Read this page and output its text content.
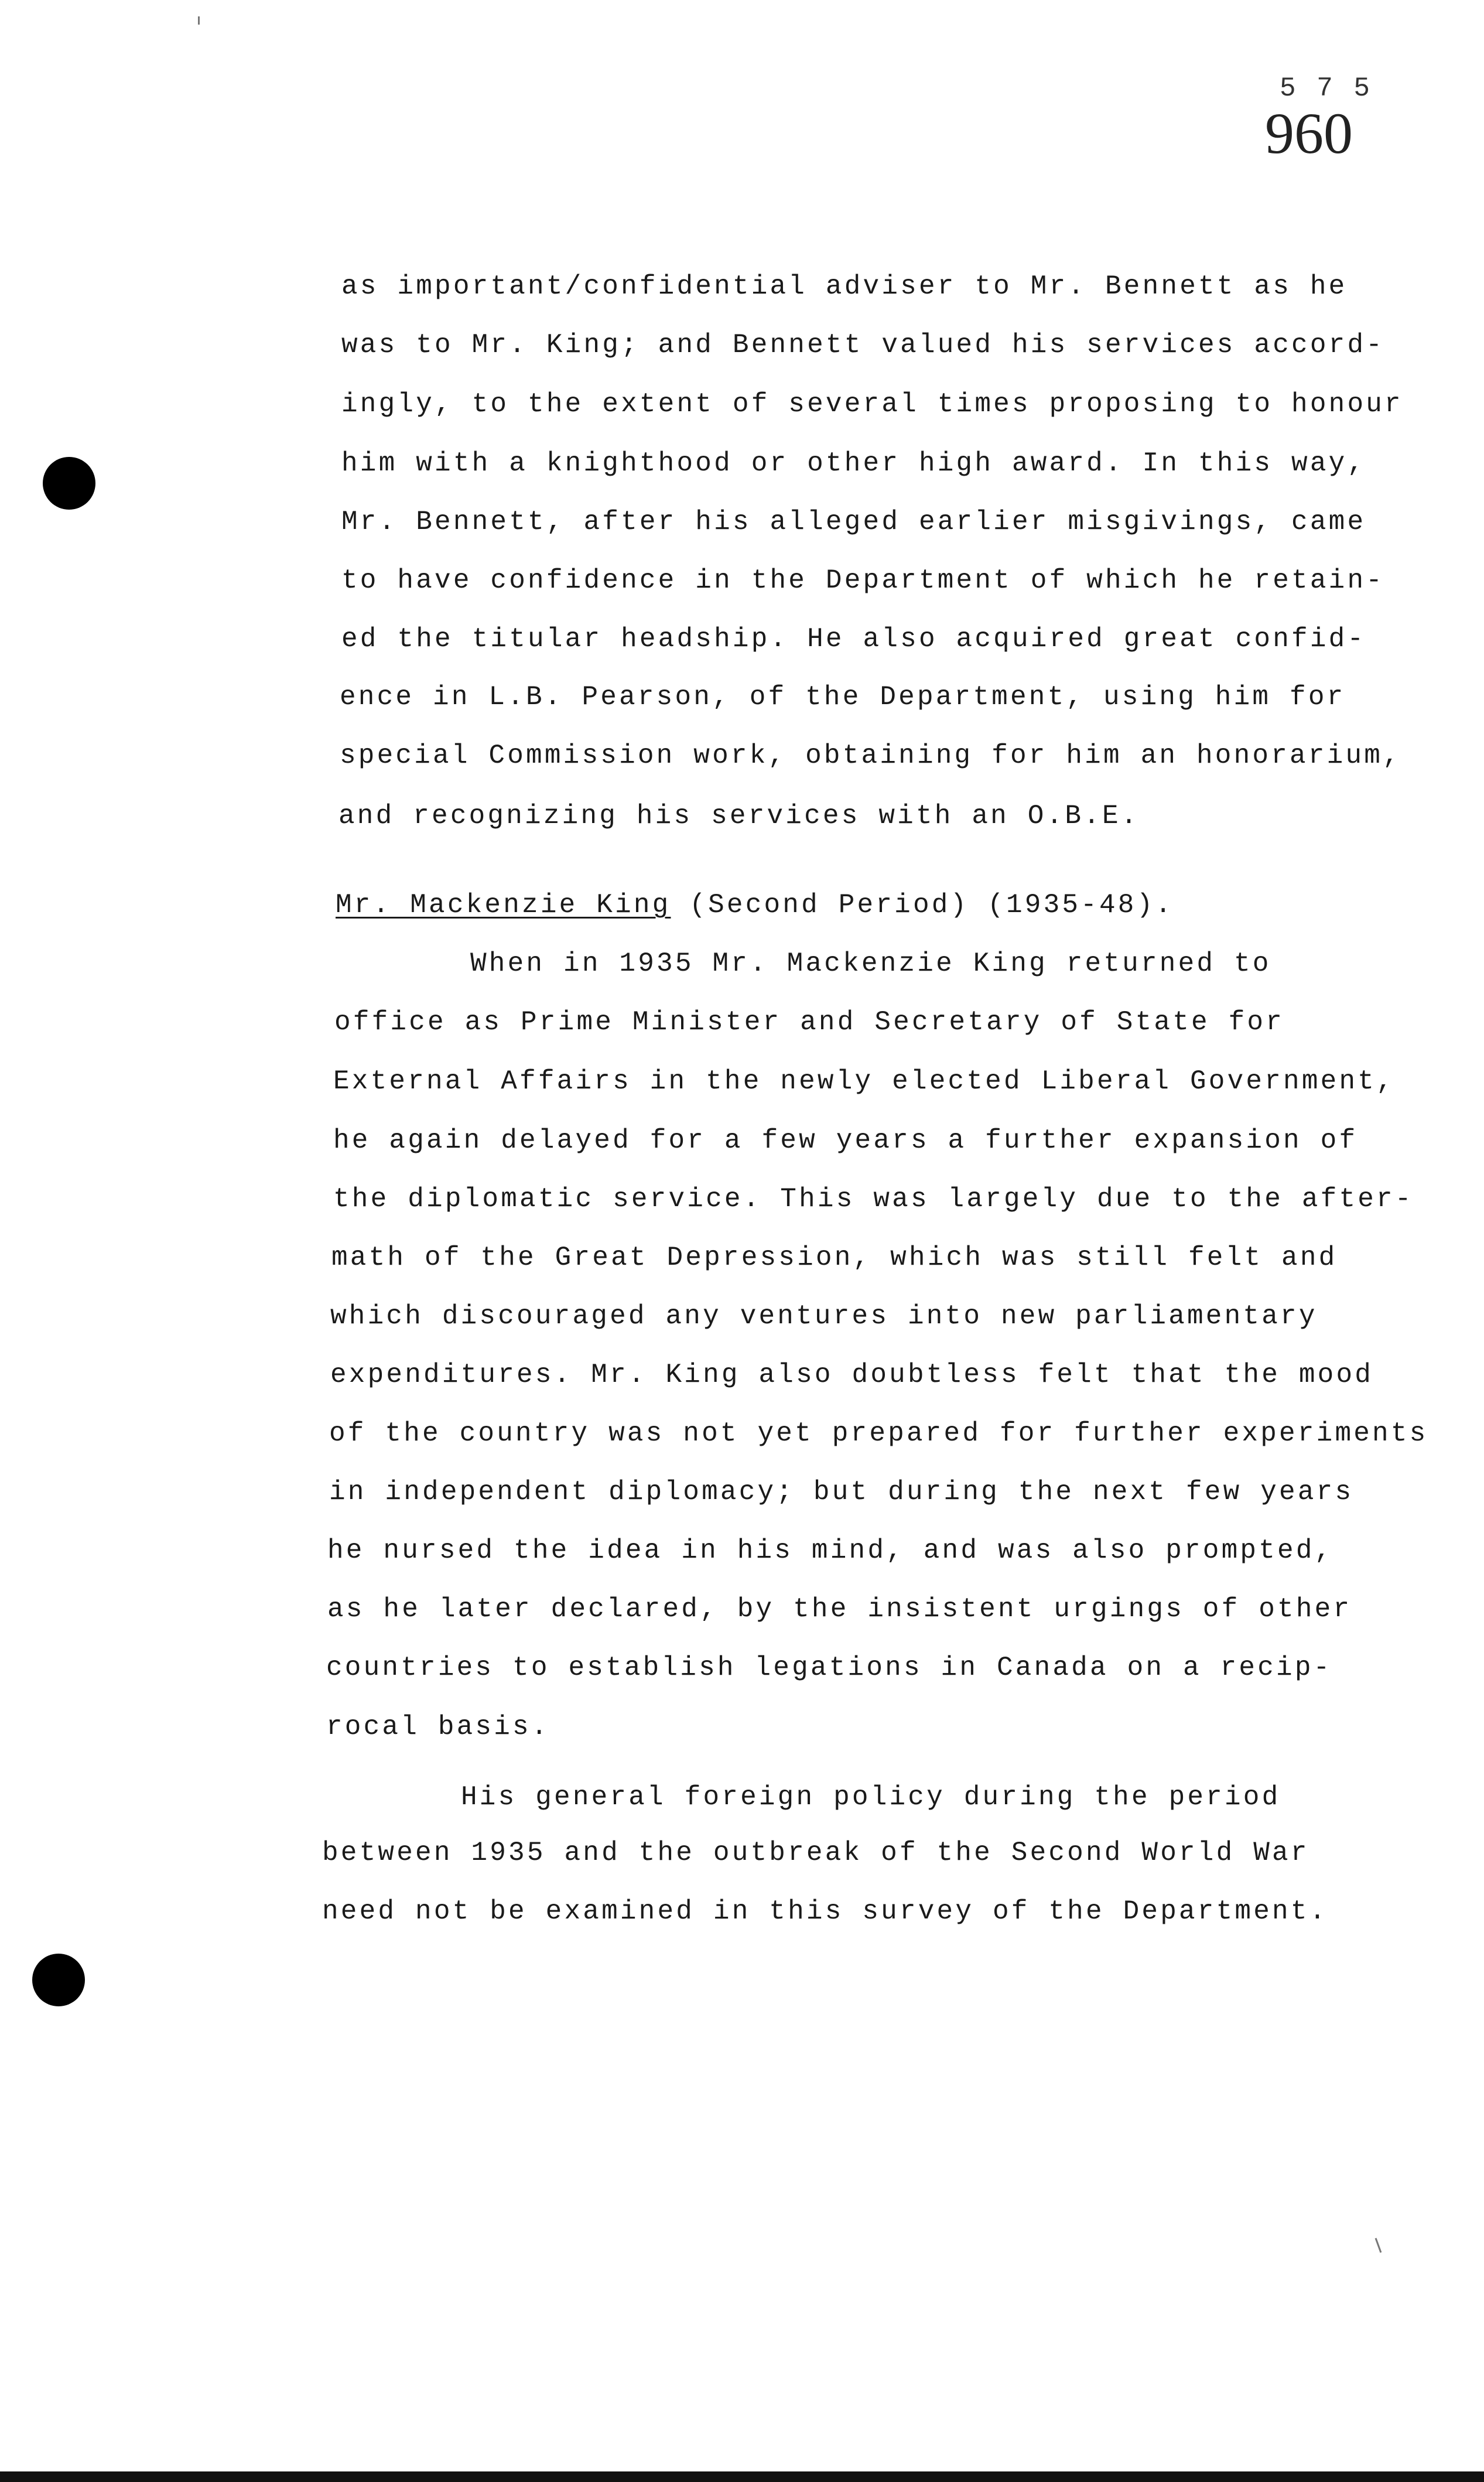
5 7 5
960
as important/confidential adviser to Mr. Bennett as he
was to Mr. King; and Bennett valued his services accord-
ingly, to the extent of several times proposing to honour
him with a knighthood or other high award. In this way,
Mr. Bennett, after his alleged earlier misgivings, came
to have confidence in the Department of which he retain-
ed the titular headship. He also acquired great confid-
ence in L.B. Pearson, of the Department, using him for
special Commission work, obtaining for him an honorarium,
and recognizing his services with an O.B.E.
Mr. Mackenzie King (Second Period) (1935-48).
When in 1935 Mr. Mackenzie King returned to
office as Prime Minister and Secretary of State for
External Affairs in the newly elected Liberal Government,
he again delayed for a few years a further expansion of
the diplomatic service. This was largely due to the after-
math of the Great Depression, which was still felt and
which discouraged any ventures into new parliamentary
expenditures. Mr. King also doubtless felt that the mood
of the country was not yet prepared for further experiments
in independent diplomacy; but during the next few years
he nursed the idea in his mind, and was also prompted,
as he later declared, by the insistent urgings of other
countries to establish legations in Canada on a recip-
rocal basis.
His general foreign policy during the period
between 1935 and the outbreak of the Second World War
need not be examined in this survey of the Department.
